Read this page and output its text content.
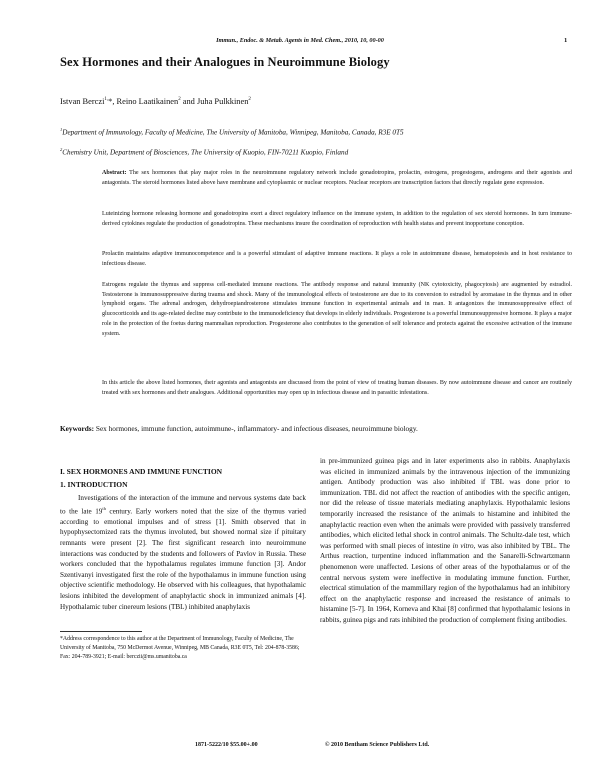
Immun., Endoc. & Metab. Agents in Med. Chem., 2010, 10, 00-00	1
Sex Hormones and their Analogues in Neuroimmune Biology
Istvan Berczi$^{1,}$*, Reino Laatikainen$^2$ and Juha Pulkkinen$^2$
$^1$Department of Immunology, Faculty of Medicine, The University of Manitoba, Winnipeg, Manitoba, Canada, R3E 0T5
$^2$Chemistry Unit, Department of Biosciences, The University of Kuopio, FIN-70211 Kuopio, Finland
Abstract: The sex hormones that play major roles in the neuroimmune regulatory network include gonadotropins, prolactin, estrogens, progestogens, androgens and their agonists and antagonists. The steroid hormones listed above have membrane and cytoplasmic or nuclear receptors. Nuclear receptors are transcription factors that directly regulate gene expression.
Luteinizing hormone releasing hormone and gonadotropins exert a direct regulatory influence on the immune system, in addition to the regulation of sex steroid hormones. In turn immune-derived cytokines regulate the production of gonadotropins. These mechanisms insure the coordination of reproduction with health status and prevent inopportune conception.
Prolactin maintains adaptive immunocompetence and is a powerful stimulant of adaptive immune reactions. It plays a role in autoimmune disease, hematopoiesis and in host resistance to infectious disease.
Estrogens regulate the thymus and suppress cell-mediated immune reactions. The antibody response and natural immunity (NK cytotoxicity, phagocytosis) are augmented by estradiol. Testosterone is immunosuppressive during trauma and shock. Many of the immunological effects of testosterone are due to its conversion to estradiol by aromatase in the thymus and in other lymphoid organs. The adrenal androgen, dehydroepiandrosterone stimulates immune function in experimental animals and in man. It antagonizes the immunosuppressive effect of glucocorticoids and its age-related decline may contribute to the immunodeficiency that develops in elderly individuals. Progesterone is a powerful immunosuppressive hormone. It plays a major role in the protection of the foetus during mammalian reproduction. Progesterone also contributes to the generation of self tolerance and protects against the excessive activation of the immune system.
In this article the above listed hormones, their agonists and antagonists are discussed from the point of view of treating human diseases. By now autoimmune disease and cancer are routinely treated with sex hormones and their analogues. Additional opportunities may open up in infectious disease and in parasitic infestations.
Keywords: Sex hormones, immune function, autoimmune-, inflammatory- and infectious diseases, neuroimmune biology.
I. SEX HORMONES AND IMMUNE FUNCTION
1. INTRODUCTION
Investigations of the interaction of the immune and nervous systems date back to the late 19th century. Early workers noted that the size of the thymus varied according to emotional impulses and of stress [1]. Smith observed that in hypophysectomized rats the thymus involuted, but showed normal size if pituitary remnants were present [2]. The first significant research into neuroimmune interactions was conducted by the students and followers of Pavlov in Russia. These workers concluded that the hypothalamus regulates immune function [3]. Andor Szentivanyi investigated first the role of the hypothalamus in immune function using objective scientific methodology. He observed with his colleagues, that hypothalamic lesions inhibited the development of anaphylactic shock in immunized animals [4]. Hypothalamic tuber cinereum lesions (TBL) inhibited anaphylaxis
in pre-immunized guinea pigs and in later experiments also in rabbits. Anaphylaxis was elicited in immunized animals by the intravenous injection of the immunizing antigen. Antibody production was also inhibited if TBL was done prior to immunization. TBL did not affect the reaction of antibodies with the specific antigen, nor did the release of tissue materials mediating anaphylaxis. Hypothalamic lesions temporarily increased the resistance of the animals to histamine and inhibited the anaphylactic reaction even when the animals were provided with passively transferred antibodies, which elicited lethal shock in control animals. The Schultz-dale test, which was performed with small pieces of intestine in vitro, was also inhibited by TBL. The Arthus reaction, turpentine induced inflammation and the Sanarelli-Schwartzmann phenomenon were unaffected. Lesions of other areas of the hypothalamus or of the central nervous system were ineffective in modulating immune function. Further, electrical stimulation of the mammillary region of the hypothalamus had an inhibitory effect on the anaphylactic response and increased the resistance of animals to histamine [5-7]. In 1964, Korneva and Khai [8] confirmed that hypothalamic lesions in rabbits, guinea pigs and rats inhibited the production of complement fixing antibodies.
*Address correspondence to this author at the Department of Immunology, Faculty of Medicine, The University of Manitoba, 750 McDermot Avenue, Winnipeg, MB Canada, R3E 0T5, Tel: 204-878-3586; Fax: 204-789-3921; E-mail: berczii@ms.umanitoba.ca
1871-5222/10 $55.00+.00	© 2010 Bentham Science Publishers Ltd.
